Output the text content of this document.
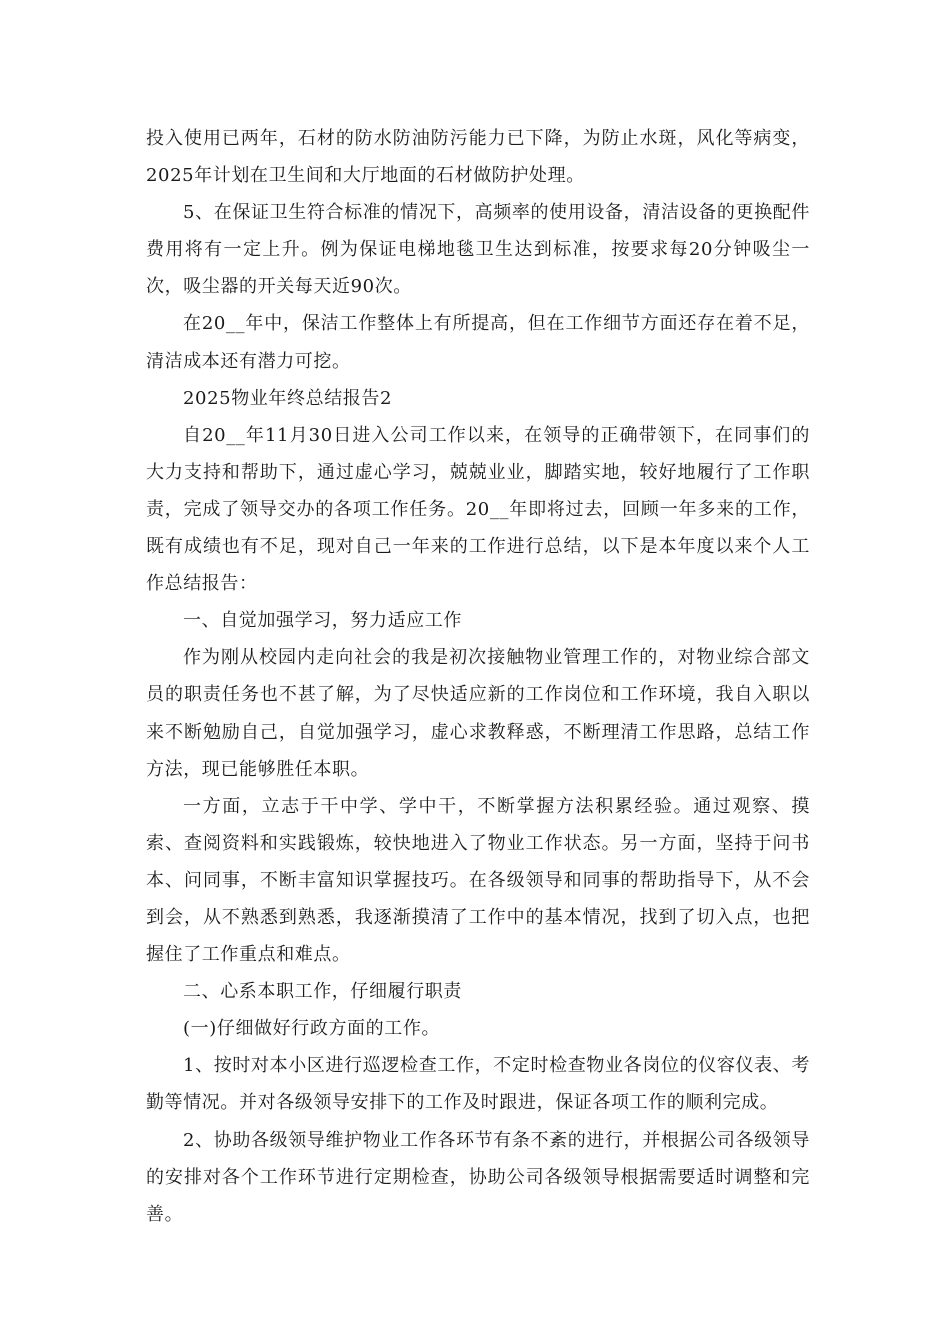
投入使用已两年，石材的防水防油防污能力已下降，为防止水斑，风化等病变，2025年计划在卫生间和大厅地面的石材做防护处理。

5、在保证卫生符合标准的情况下，高频率的使用设备，清洁设备的更换配件费用将有一定上升。例为保证电梯地毯卫生达到标准，按要求每20分钟吸尘一次，吸尘器的开关每天近90次。

在20__年中，保洁工作整体上有所提高，但在工作细节方面还存在着不足，清洁成本还有潜力可挖。

2025物业年终总结报告2

自20__年11月30日进入公司工作以来，在领导的正确带领下，在同事们的大力支持和帮助下，通过虚心学习，兢兢业业，脚踏实地，较好地履行了工作职责，完成了领导交办的各项工作任务。20__年即将过去，回顾一年多来的工作，既有成绩也有不足，现对自己一年来的工作进行总结，以下是本年度以来个人工作总结报告：

一、自觉加强学习，努力适应工作

作为刚从校园内走向社会的我是初次接触物业管理工作的，对物业综合部文员的职责任务也不甚了解，为了尽快适应新的工作岗位和工作环境，我自入职以来不断勉励自己，自觉加强学习，虚心求教释惑，不断理清工作思路，总结工作方法，现已能够胜任本职。

一方面，立志于干中学、学中干，不断掌握方法积累经验。通过观察、摸索、查阅资料和实践锻炼，较快地进入了物业工作状态。另一方面，坚持于问书本、问同事，不断丰富知识掌握技巧。在各级领导和同事的帮助指导下，从不会到会，从不熟悉到熟悉，我逐渐摸清了工作中的基本情况，找到了切入点，也把握住了工作重点和难点。

二、心系本职工作，仔细履行职责

(一)仔细做好行政方面的工作。

1、按时对本小区进行巡逻检查工作，不定时检查物业各岗位的仪容仪表、考勤等情况。并对各级领导安排下的工作及时跟进，保证各项工作的顺利完成。

2、协助各级领导维护物业工作各环节有条不紊的进行，并根据公司各级领导的安排对各个工作环节进行定期检查，协助公司各级领导根据需要适时调整和完善。
